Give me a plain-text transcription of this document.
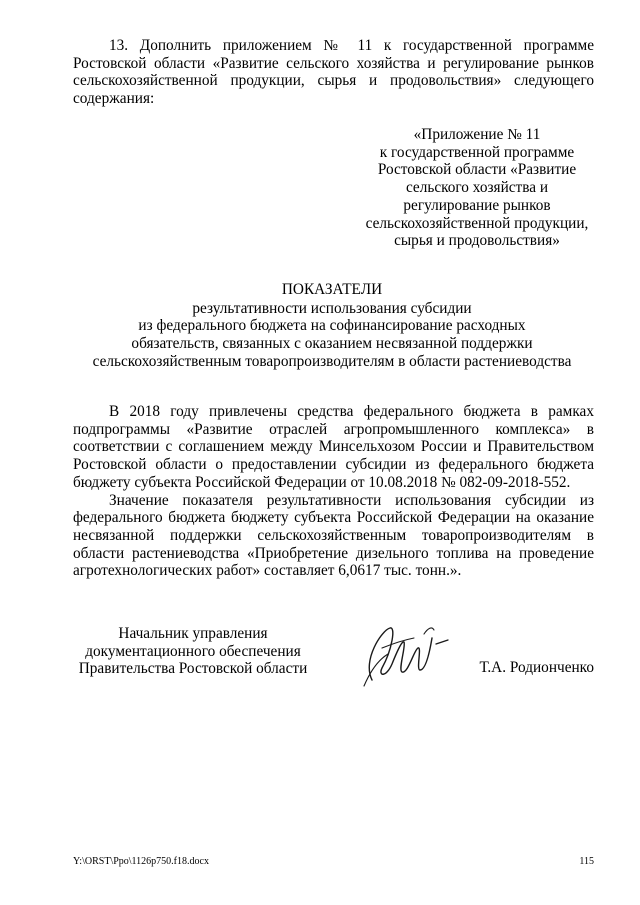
13. Дополнить приложением № 11 к государственной программе Ростовской области «Развитие сельского хозяйства и регулирование рынков сельскохозяйственной продукции, сырья и продовольствия» следующего содержания:

«Приложение № 11
к государственной программе
Ростовской области «Развитие
сельского хозяйства и
регулирование рынков
сельскохозяйственной продукции,
сырья и продовольствия»
ПОКАЗАТЕЛИ
результативности использования субсидии
из федерального бюджета на софинансирование расходных
обязательств, связанных с оказанием несвязанной поддержки
сельскохозяйственным товаропроизводителям в области растениеводства

В 2018 году привлечены средства федерального бюджета в рамках подпрограммы «Развитие отраслей агропромышленного комплекса» в соответствии с соглашением между Минсельхозом России и Правительством Ростовской области о предоставлении субсидии из федерального бюджета бюджету субъекта Российской Федерации от 10.08.2018 № 082-09-2018-552.

Значение показателя результативности использования субсидии из федерального бюджета бюджету субъекта Российской Федерации на оказание несвязанной поддержки сельскохозяйственным товаропроизводителям в области растениеводства «Приобретение дизельного топлива на проведение агротехнологических работ» составляет 6,0617 тыс. тонн.».

Начальник управления
документационного обеспечения
Правительства Ростовской области	Т.А. Родионченко
Y:\ORST\Ppo\1126p750.f18.docx	115
